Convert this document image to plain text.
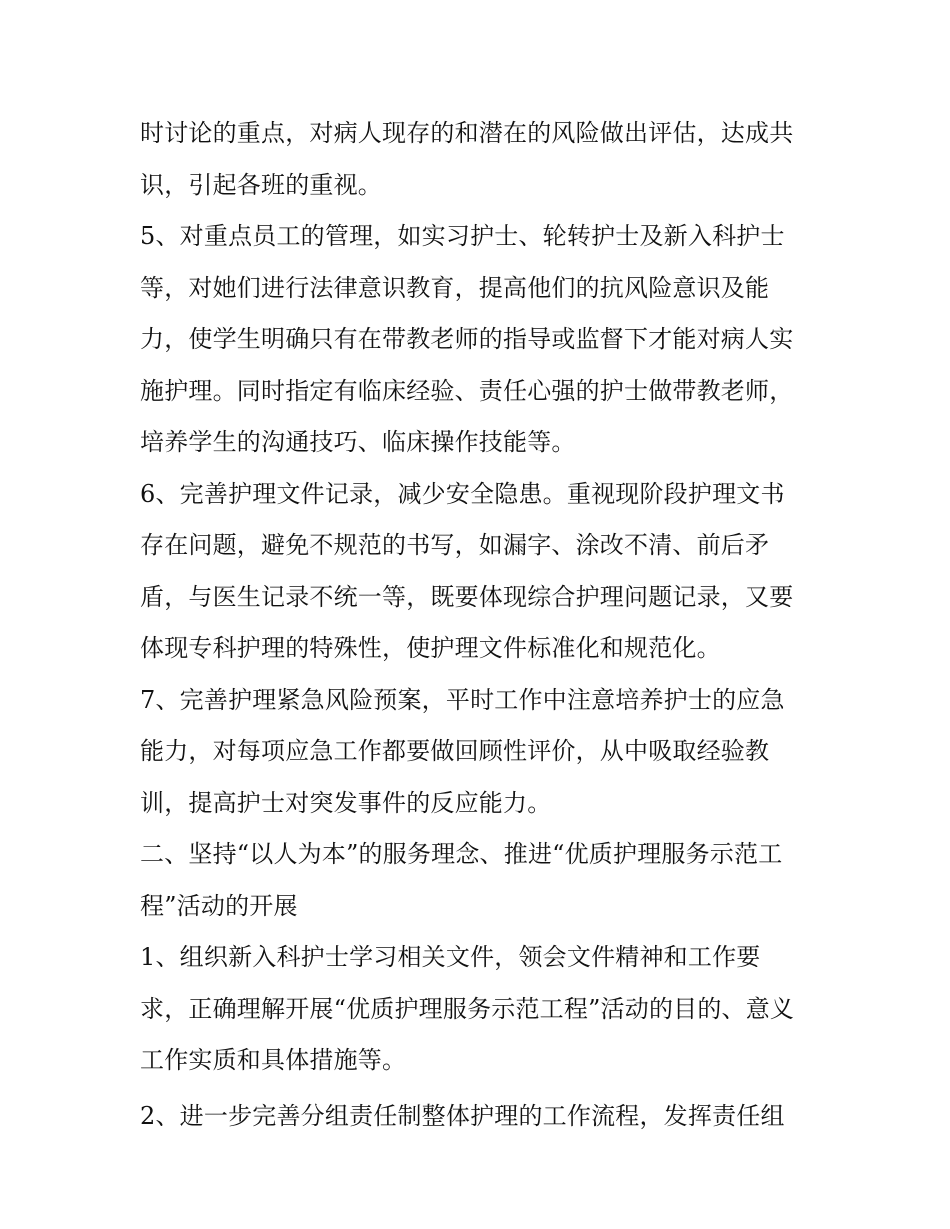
时讨论的重点，对病人现存的和潜在的风险做出评估，达成共
识，引起各班的重视。
5、对重点员工的管理，如实习护士、轮转护士及新入科护士
等，对她们进行法律意识教育，提高他们的抗风险意识及能
力，使学生明确只有在带教老师的指导或监督下才能对病人实
施护理。同时指定有临床经验、责任心强的护士做带教老师，
培养学生的沟通技巧、临床操作技能等。
6、完善护理文件记录，减少安全隐患。重视现阶段护理文书
存在问题，避免不规范的书写，如漏字、涂改不清、前后矛
盾，与医生记录不统一等，既要体现综合护理问题记录，又要
体现专科护理的特殊性，使护理文件标准化和规范化。
7、完善护理紧急风险预案，平时工作中注意培养护士的应急
能力，对每项应急工作都要做回顾性评价，从中吸取经验教
训，提高护士对突发事件的反应能力。
二、坚持“以人为本”的服务理念、推进“优质护理服务示范工
程”活动的开展
1、组织新入科护士学习相关文件，领会文件精神和工作要
求，正确理解开展“优质护理服务示范工程”活动的目的、意义
工作实质和具体措施等。
2、进一步完善分组责任制整体护理的工作流程，发挥责任组
